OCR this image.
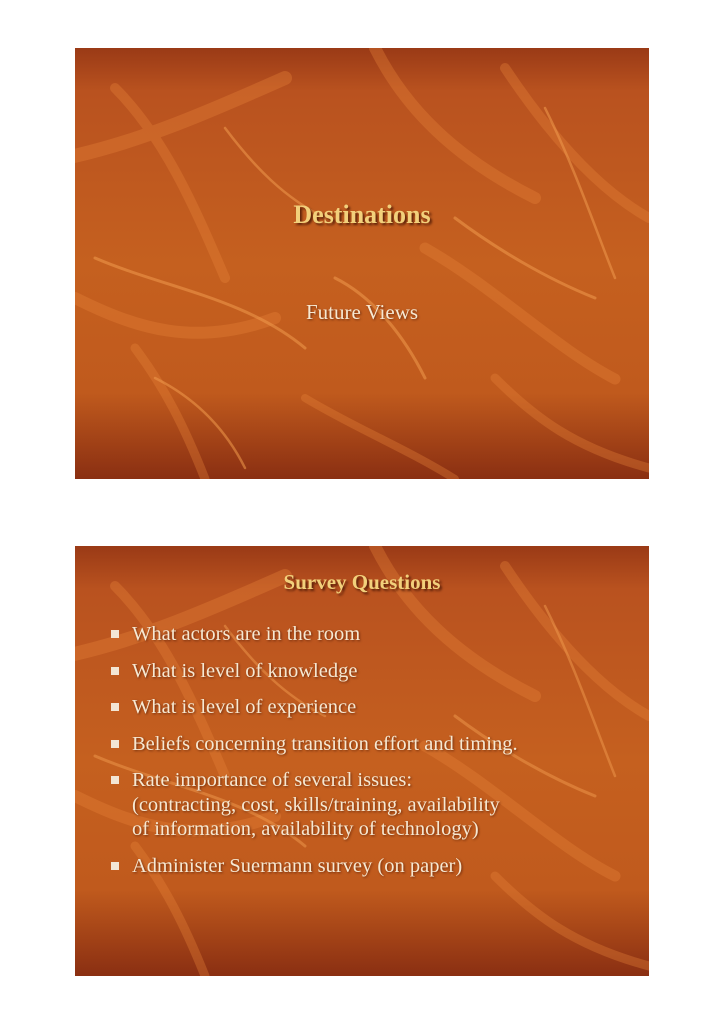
Destinations
Future Views
Survey Questions
What actors are in the room
What is level of knowledge
What is level of experience
Beliefs concerning transition effort and timing.
Rate importance of several issues:
(contracting, cost, skills/training, availability
of information, availability of technology)
Administer Suermann survey (on paper)
